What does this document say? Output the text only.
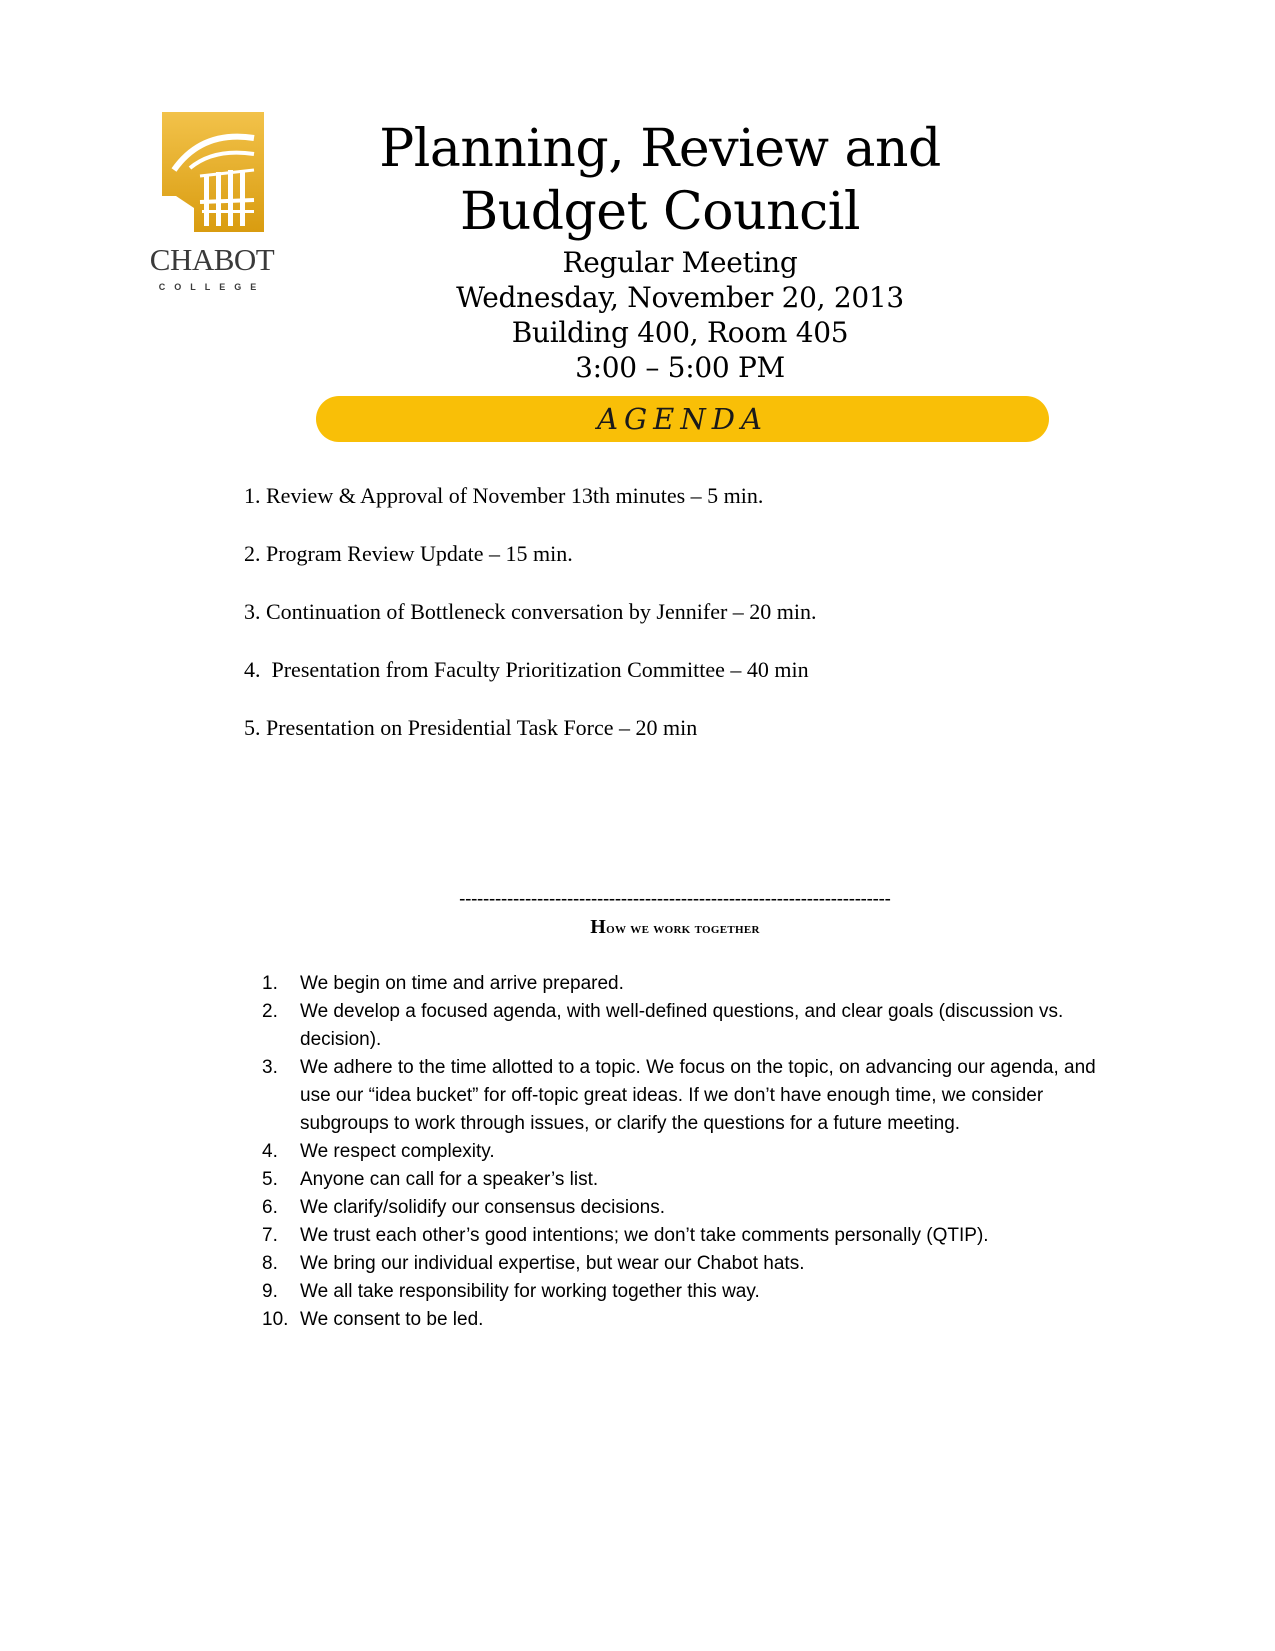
CHABOT
COLLEGE
Planning, Review and
Budget Council
Regular Meeting
Wednesday, November 20, 2013
Building 400, Room 405
3:00 – 5:00 PM
AGENDA
1. Review & Approval of November 13th minutes – 5 min.
2. Program Review Update – 15 min.
3. Continuation of Bottleneck conversation by Jennifer – 20 min.
4.  Presentation from Faculty Prioritization Committee – 40 min
5. Presentation on Presidential Task Force – 20 min
------------------------------------------------------------------------
How we work together
1.	We begin on time and arrive prepared.
2.	We develop a focused agenda, with well-defined questions, and clear goals (discussion vs. decision).
3.	We adhere to the time allotted to a topic. We focus on the topic, on advancing our agenda, and use our “idea bucket” for off-topic great ideas. If we don’t have enough time, we consider subgroups to work through issues, or clarify the questions for a future meeting.
4.	We respect complexity.
5.	Anyone can call for a speaker’s list.
6.	We clarify/solidify our consensus decisions.
7.	We trust each other’s good intentions; we don’t take comments personally (QTIP).
8.	We bring our individual expertise, but wear our Chabot hats.
9.	We all take responsibility for working together this way.
10. We consent to be led.
